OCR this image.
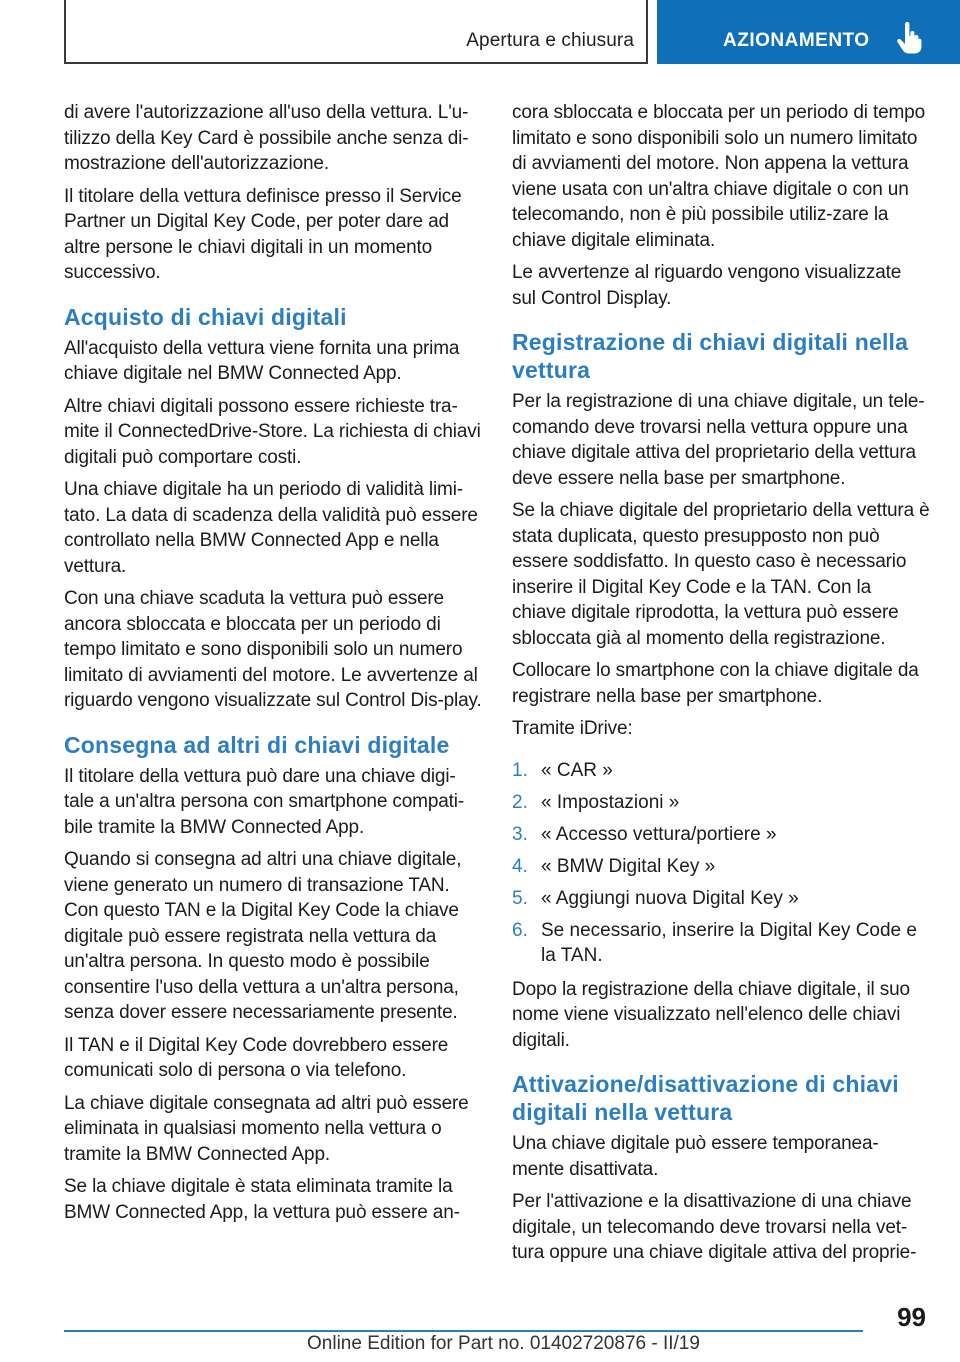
Apertura e chiusura	AZIONAMENTO

di avere l'autorizzazione all'uso della vettura. L'u-tilizzo della Key Card è possibile anche senza di-mostrazione dell'autorizzazione.

Il titolare della vettura definisce presso il Service Partner un Digital Key Code, per poter dare ad altre persone le chiavi digitali in un momento successivo.

Acquisto di chiavi digitali

All'acquisto della vettura viene fornita una prima chiave digitale nel BMW Connected App.

Altre chiavi digitali possono essere richieste tra-mite il ConnectedDrive-Store. La richiesta di chiavi digitali può comportare costi.

Una chiave digitale ha un periodo di validità limi-tato. La data di scadenza della validità può essere controllato nella BMW Connected App e nella vettura.

Con una chiave scaduta la vettura può essere ancora sbloccata e bloccata per un periodo di tempo limitato e sono disponibili solo un numero limitato di avviamenti del motore. Le avvertenze al riguardo vengono visualizzate sul Control Dis-play.

Consegna ad altri di chiavi digitale

Il titolare della vettura può dare una chiave digi-tale a un'altra persona con smartphone compati-bile tramite la BMW Connected App.

Quando si consegna ad altri una chiave digitale, viene generato un numero di transazione TAN. Con questo TAN e la Digital Key Code la chiave digitale può essere registrata nella vettura da un'altra persona. In questo modo è possibile consentire l'uso della vettura a un'altra persona, senza dover essere necessariamente presente.

Il TAN e il Digital Key Code dovrebbero essere comunicati solo di persona o via telefono.

La chiave digitale consegnata ad altri può essere eliminata in qualsiasi momento nella vettura o tramite la BMW Connected App.

Se la chiave digitale è stata eliminata tramite la BMW Connected App, la vettura può essere an-

cora sbloccata e bloccata per un periodo di tempo limitato e sono disponibili solo un numero limitato di avviamenti del motore. Non appena la vettura viene usata con un'altra chiave digitale o con un telecomando, non è più possibile utiliz-zare la chiave digitale eliminata.

Le avvertenze al riguardo vengono visualizzate sul Control Display.

Registrazione di chiavi digitali nella vettura

Per la registrazione di una chiave digitale, un tele-comando deve trovarsi nella vettura oppure una chiave digitale attiva del proprietario della vettura deve essere nella base per smartphone.

Se la chiave digitale del proprietario della vettura è stata duplicata, questo presupposto non può essere soddisfatto. In questo caso è necessario inserire il Digital Key Code e la TAN. Con la chiave digitale riprodotta, la vettura può essere sbloccata già al momento della registrazione.

Collocare lo smartphone con la chiave digitale da registrare nella base per smartphone.

Tramite iDrive:

1. « CAR »
2. « Impostazioni »
3. « Accesso vettura/portiere »
4. « BMW Digital Key »
5. « Aggiungi nuova Digital Key »
6. Se necessario, inserire la Digital Key Code e la TAN.

Dopo la registrazione della chiave digitale, il suo nome viene visualizzato nell'elenco delle chiavi digitali.

Attivazione/disattivazione di chiavi digitali nella vettura

Una chiave digitale può essere temporanea-mente disattivata.

Per l'attivazione e la disattivazione di una chiave digitale, un telecomando deve trovarsi nella vet-tura oppure una chiave digitale attiva del proprie-

99
Online Edition for Part no. 01402720876 - II/19
